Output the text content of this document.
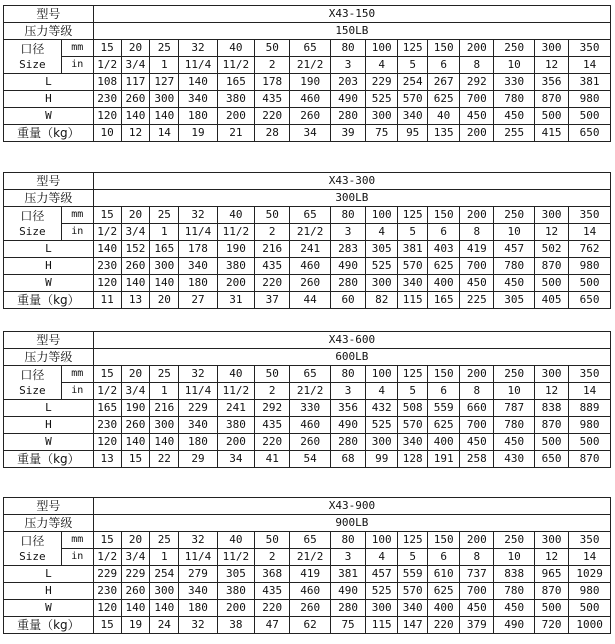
型号		X43-150														
压力等级		150LB														

口径
Size	mm	15	20	25	32	40	50	65	80	100	125	150	200	250	300	350
	in	1/2	3/4	1	11/4	11/2	2	21/2	3	4	5	6	8	10	12	14
L		108	117	127	140	165	178	190	203	229	254	267	292	330	356	381
H		230	260	300	340	380	435	460	490	525	570	625	700	780	870	980
W		120	140	140	180	200	220	260	280	300	340	40	450	450	500	500
重量（kg）		10	12	14	19	21	28	34	39	75	95	135	200	255	415	650
型号		X43-300														
压力等级		300LB														

口径
Size	mm	15	20	25	32	40	50	65	80	100	125	150	200	250	300	350
	in	1/2	3/4	1	11/4	11/2	2	21/2	3	4	5	6	8	10	12	14
L		140	152	165	178	190	216	241	283	305	381	403	419	457	502	762
H		230	260	300	340	380	435	460	490	525	570	625	700	780	870	980
W		120	140	140	180	200	220	260	280	300	340	400	450	450	500	500
重量（kg）		11	13	20	27	31	37	44	60	82	115	165	225	305	405	650
型号		X43-600														
压力等级		600LB														

口径
Size	mm	15	20	25	32	40	50	65	80	100	125	150	200	250	300	350
	in	1/2	3/4	1	11/4	11/2	2	21/2	3	4	5	6	8	10	12	14
L		165	190	216	229	241	292	330	356	432	508	559	660	787	838	889
H		230	260	300	340	380	435	460	490	525	570	625	700	780	870	980
W		120	140	140	180	200	220	260	280	300	340	400	450	450	500	500
重量（kg）		13	15	22	29	34	41	54	68	99	128	191	258	430	650	870
型号		X43-900														
压力等级		900LB														

口径
Size	mm	15	20	25	32	40	50	65	80	100	125	150	200	250	300	350
	in	1/2	3/4	1	11/4	11/2	2	21/2	3	4	5	6	8	10	12	14
L		229	229	254	279	305	368	419	381	457	559	610	737	838	965	1029
H		230	260	300	340	380	435	460	490	525	570	625	700	780	870	980
W		120	140	140	180	200	220	260	280	300	340	400	450	450	500	500
重量（kg）		15	19	24	32	38	47	62	75	115	147	220	379	490	720	1000
